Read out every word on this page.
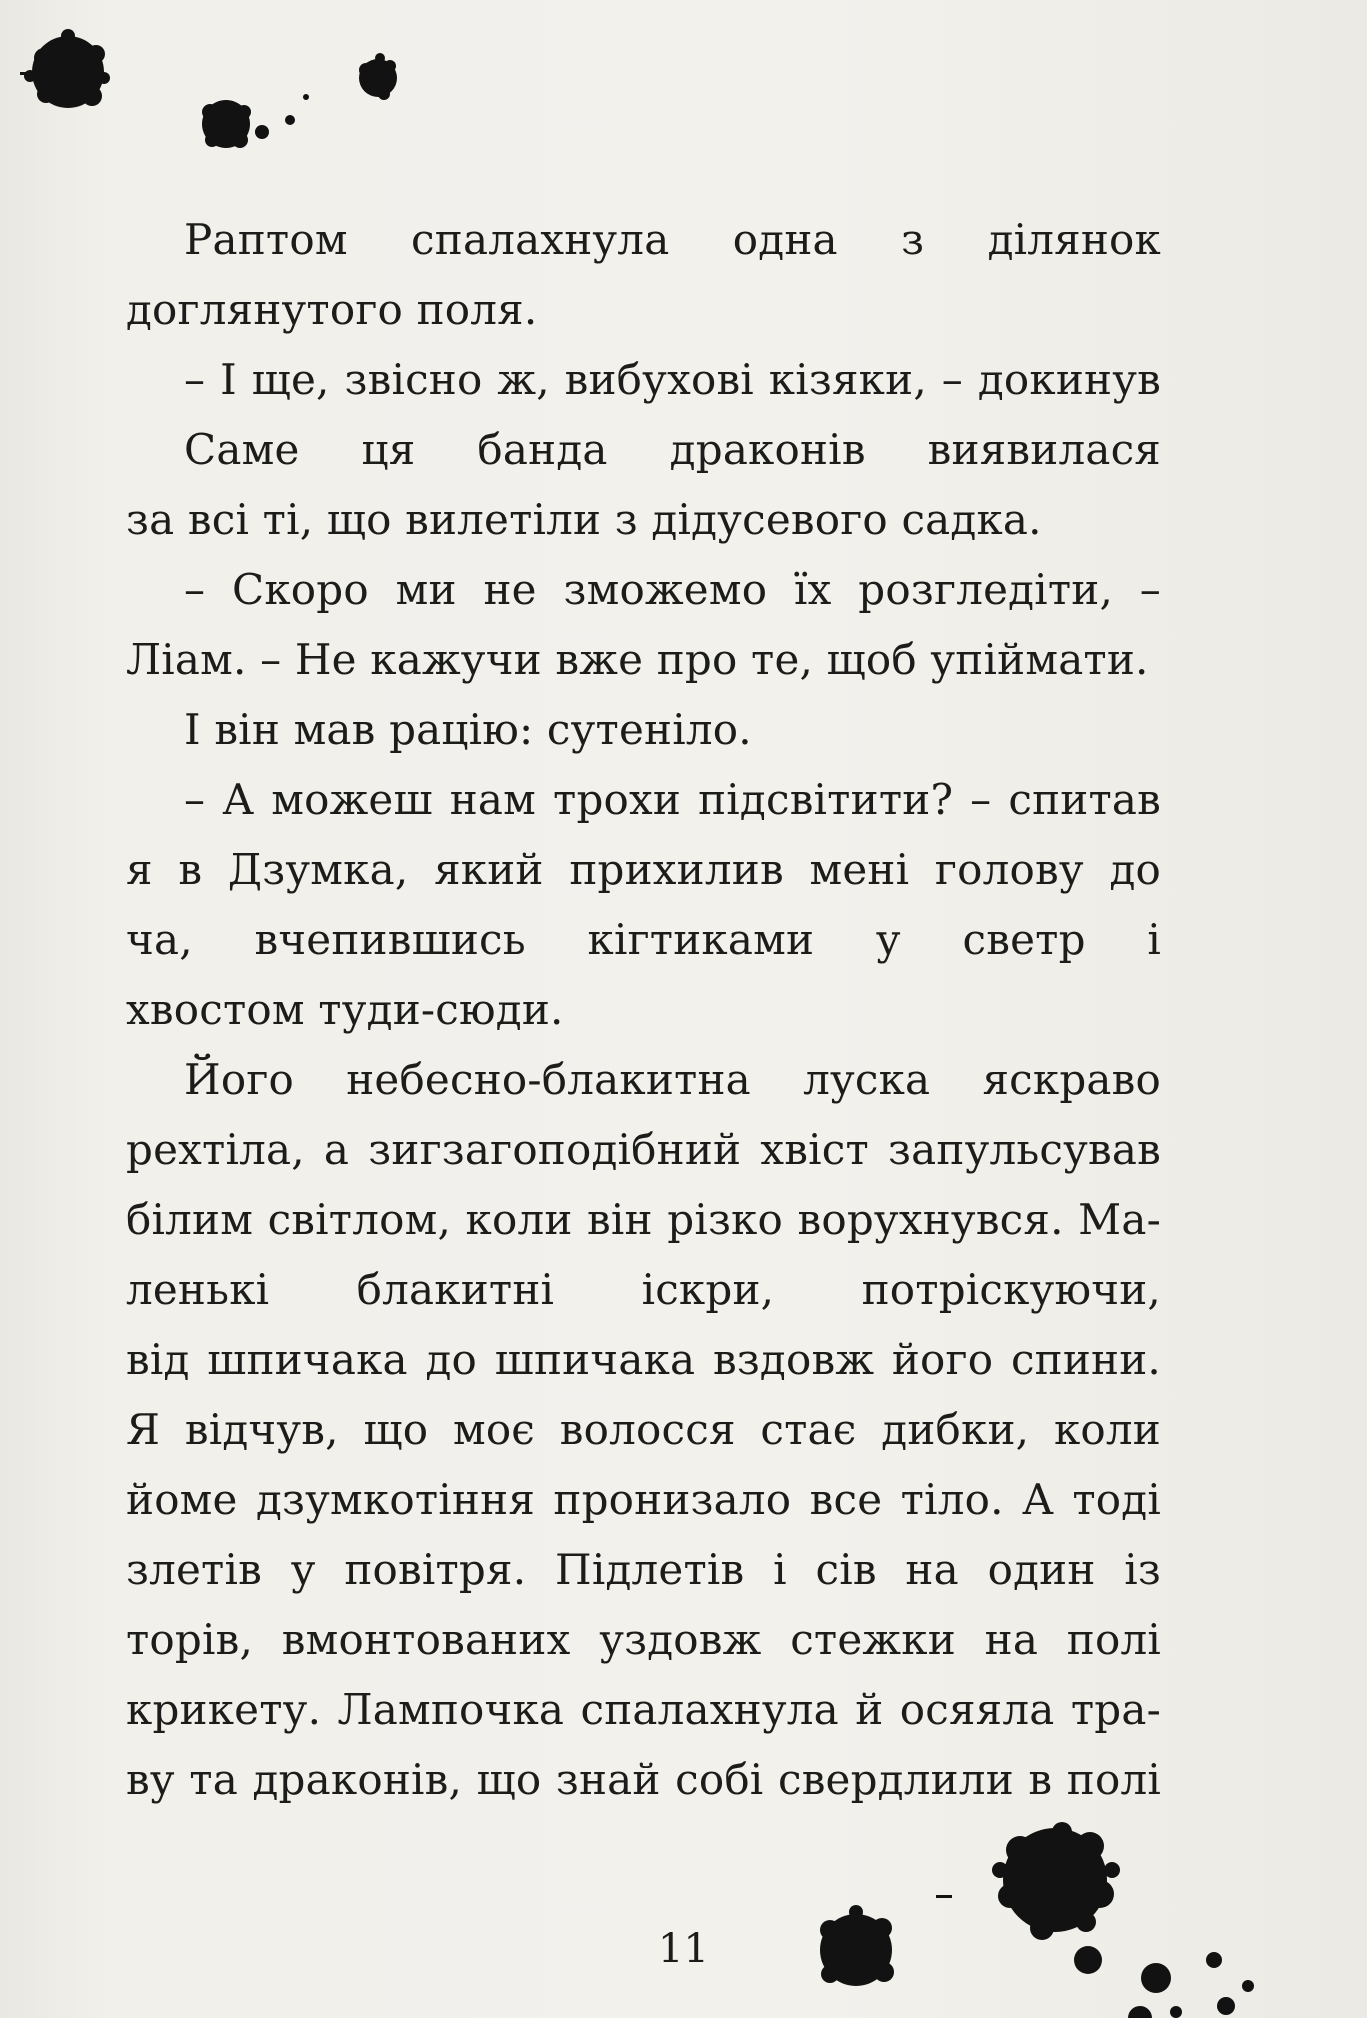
Раптом спалахнула одна з ділянок
доглянутого поля.
– І ще, звісно ж, вибухові кізяки, – докинув
Саме ця банда драконів виявилася
за всі ті, що вилетіли з дідусевого садка.
– Скоро ми не зможемо їх розгледіти, –
Ліам. – Не кажучи вже про те, щоб упіймати.
І він мав рацію: сутеніло.
– А можеш нам трохи підсвітити? – спитав
я в Дзумка, який прихилив мені голову до
ча, вчепившись кігтиками у светр і
хвостом туди-сюди.
Його небесно-блакитна луска яскраво
рехтіла, а зигзагоподібний хвіст запульсував
білим світлом, коли він різко ворухнувся. Ма-
ленькі блакитні іскри, потріскуючи,
від шпичака до шпичака вздовж його спини.
Я відчув, що моє волосся стає дибки, коли
йоме дзумкотіння пронизало все тіло. А тоді
злетів у повітря. Підлетів і сів на один із
торів, вмонтованих уздовж стежки на полі
крикету. Лампочка спалахнула й осяяла тра-
ву та драконів, що знай собі свердлили в полі
11
